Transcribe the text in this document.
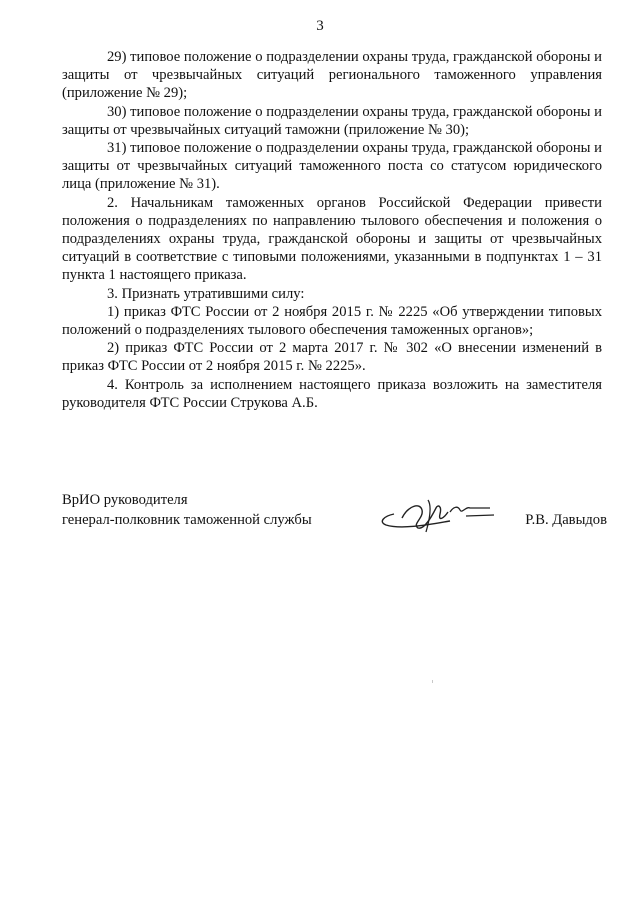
3

29) типовое положение о подразделении охраны труда, гражданской обороны и защиты от чрезвычайных ситуаций регионального таможенного управления (приложение № 29);

30) типовое положение о подразделении охраны труда, гражданской обороны и защиты от чрезвычайных ситуаций таможни (приложение № 30);

31) типовое положение о подразделении охраны труда, гражданской обороны и защиты от чрезвычайных ситуаций таможенного поста со статусом юридического лица (приложение № 31).

2. Начальникам таможенных органов Российской Федерации привести положения о подразделениях по направлению тылового обеспечения и положения о подразделениях охраны труда, гражданской обороны и защиты от чрезвычайных ситуаций в соответствие с типовыми положениями, указанными в подпунктах 1 – 31 пункта 1 настоящего приказа.

3. Признать утратившими силу:

1) приказ ФТС России от 2 ноября 2015 г. № 2225 «Об утверждении типовых положений о подразделениях тылового обеспечения таможенных органов»;

2) приказ ФТС России от 2 марта 2017 г. № 302 «О внесении изменений в приказ ФТС России от 2 ноября 2015 г. № 2225».

4. Контроль за исполнением настоящего приказа возложить на заместителя руководителя ФТС России Струкова А.Б.

ВрИО руководителя
генерал-полковник таможенной службы	Р.В. Давыдов
